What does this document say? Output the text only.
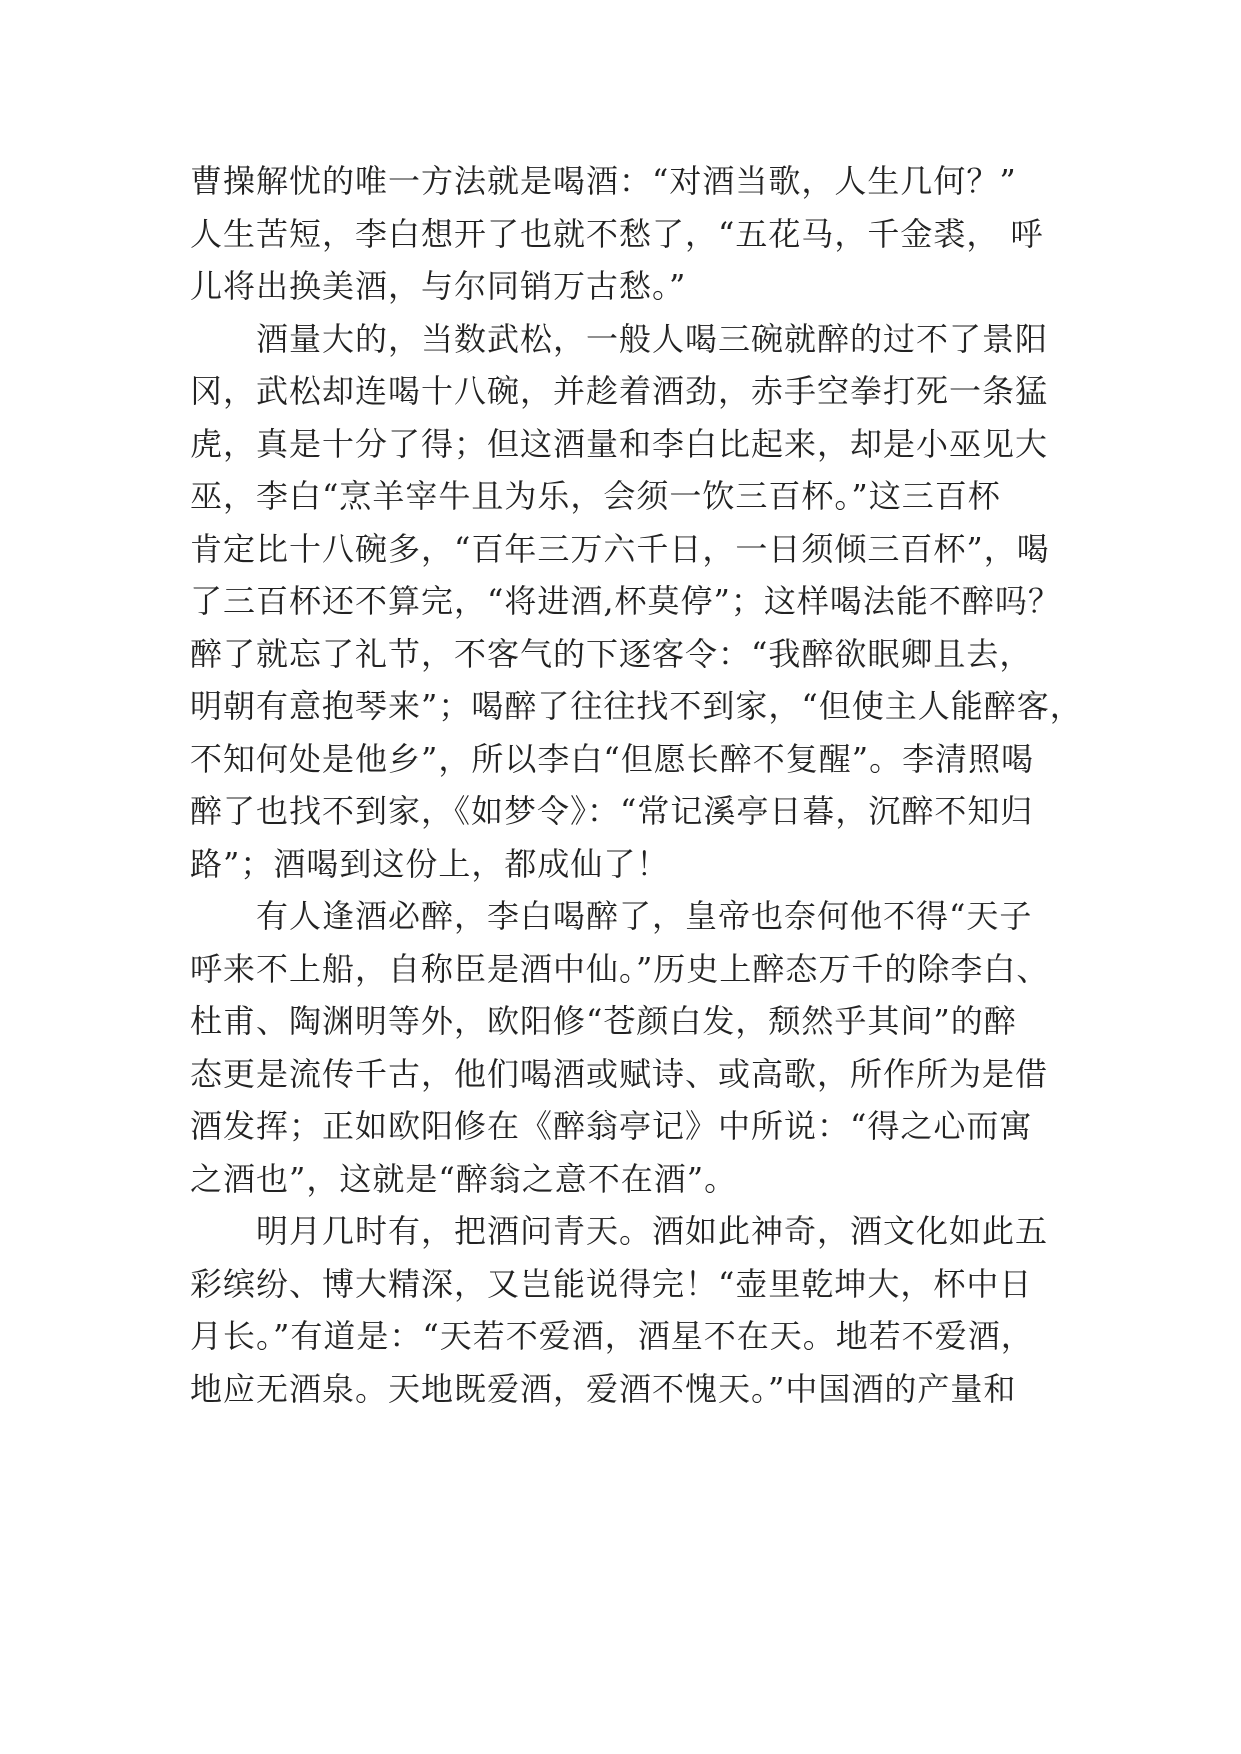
曹操解忧的唯一方法就是喝酒：“对酒当歌，人生几何？”
人生苦短，李白想开了也就不愁了，“五花马，千金裘， 呼
儿将出换美酒，与尔同销万古愁。”
　　酒量大的，当数武松，一般人喝三碗就醉的过不了景阳
冈，武松却连喝十八碗，并趁着酒劲，赤手空拳打死一条猛
虎，真是十分了得；但这酒量和李白比起来，却是小巫见大
巫，李白“烹羊宰牛且为乐，会须一饮三百杯。”这三百杯
肯定比十八碗多，“百年三万六千日，一日须倾三百杯”，喝
了三百杯还不算完，“将进酒,杯莫停”；这样喝法能不醉吗？
醉了就忘了礼节，不客气的下逐客令：“我醉欲眠卿且去，
明朝有意抱琴来”；喝醉了往往找不到家，“但使主人能醉客，
不知何处是他乡”，所以李白“但愿长醉不复醒”。李清照喝
醉了也找不到家，《如梦令》：“常记溪亭日暮，沉醉不知归
路”；酒喝到这份上，都成仙了！
　　有人逢酒必醉，李白喝醉了，皇帝也奈何他不得“天子
呼来不上船，自称臣是酒中仙。”历史上醉态万千的除李白、
杜甫、陶渊明等外，欧阳修“苍颜白发，颓然乎其间”的醉
态更是流传千古，他们喝酒或赋诗、或高歌，所作所为是借
酒发挥；正如欧阳修在《醉翁亭记》中所说：“得之心而寓
之酒也”，这就是“醉翁之意不在酒”。
　　明月几时有，把酒问青天。酒如此神奇，酒文化如此五
彩缤纷、博大精深，又岂能说得完！“壶里乾坤大，杯中日
月长。”有道是：“天若不爱酒，酒星不在天。地若不爱酒，
地应无酒泉。天地既爱酒，爱酒不愧天。”中国酒的产量和
